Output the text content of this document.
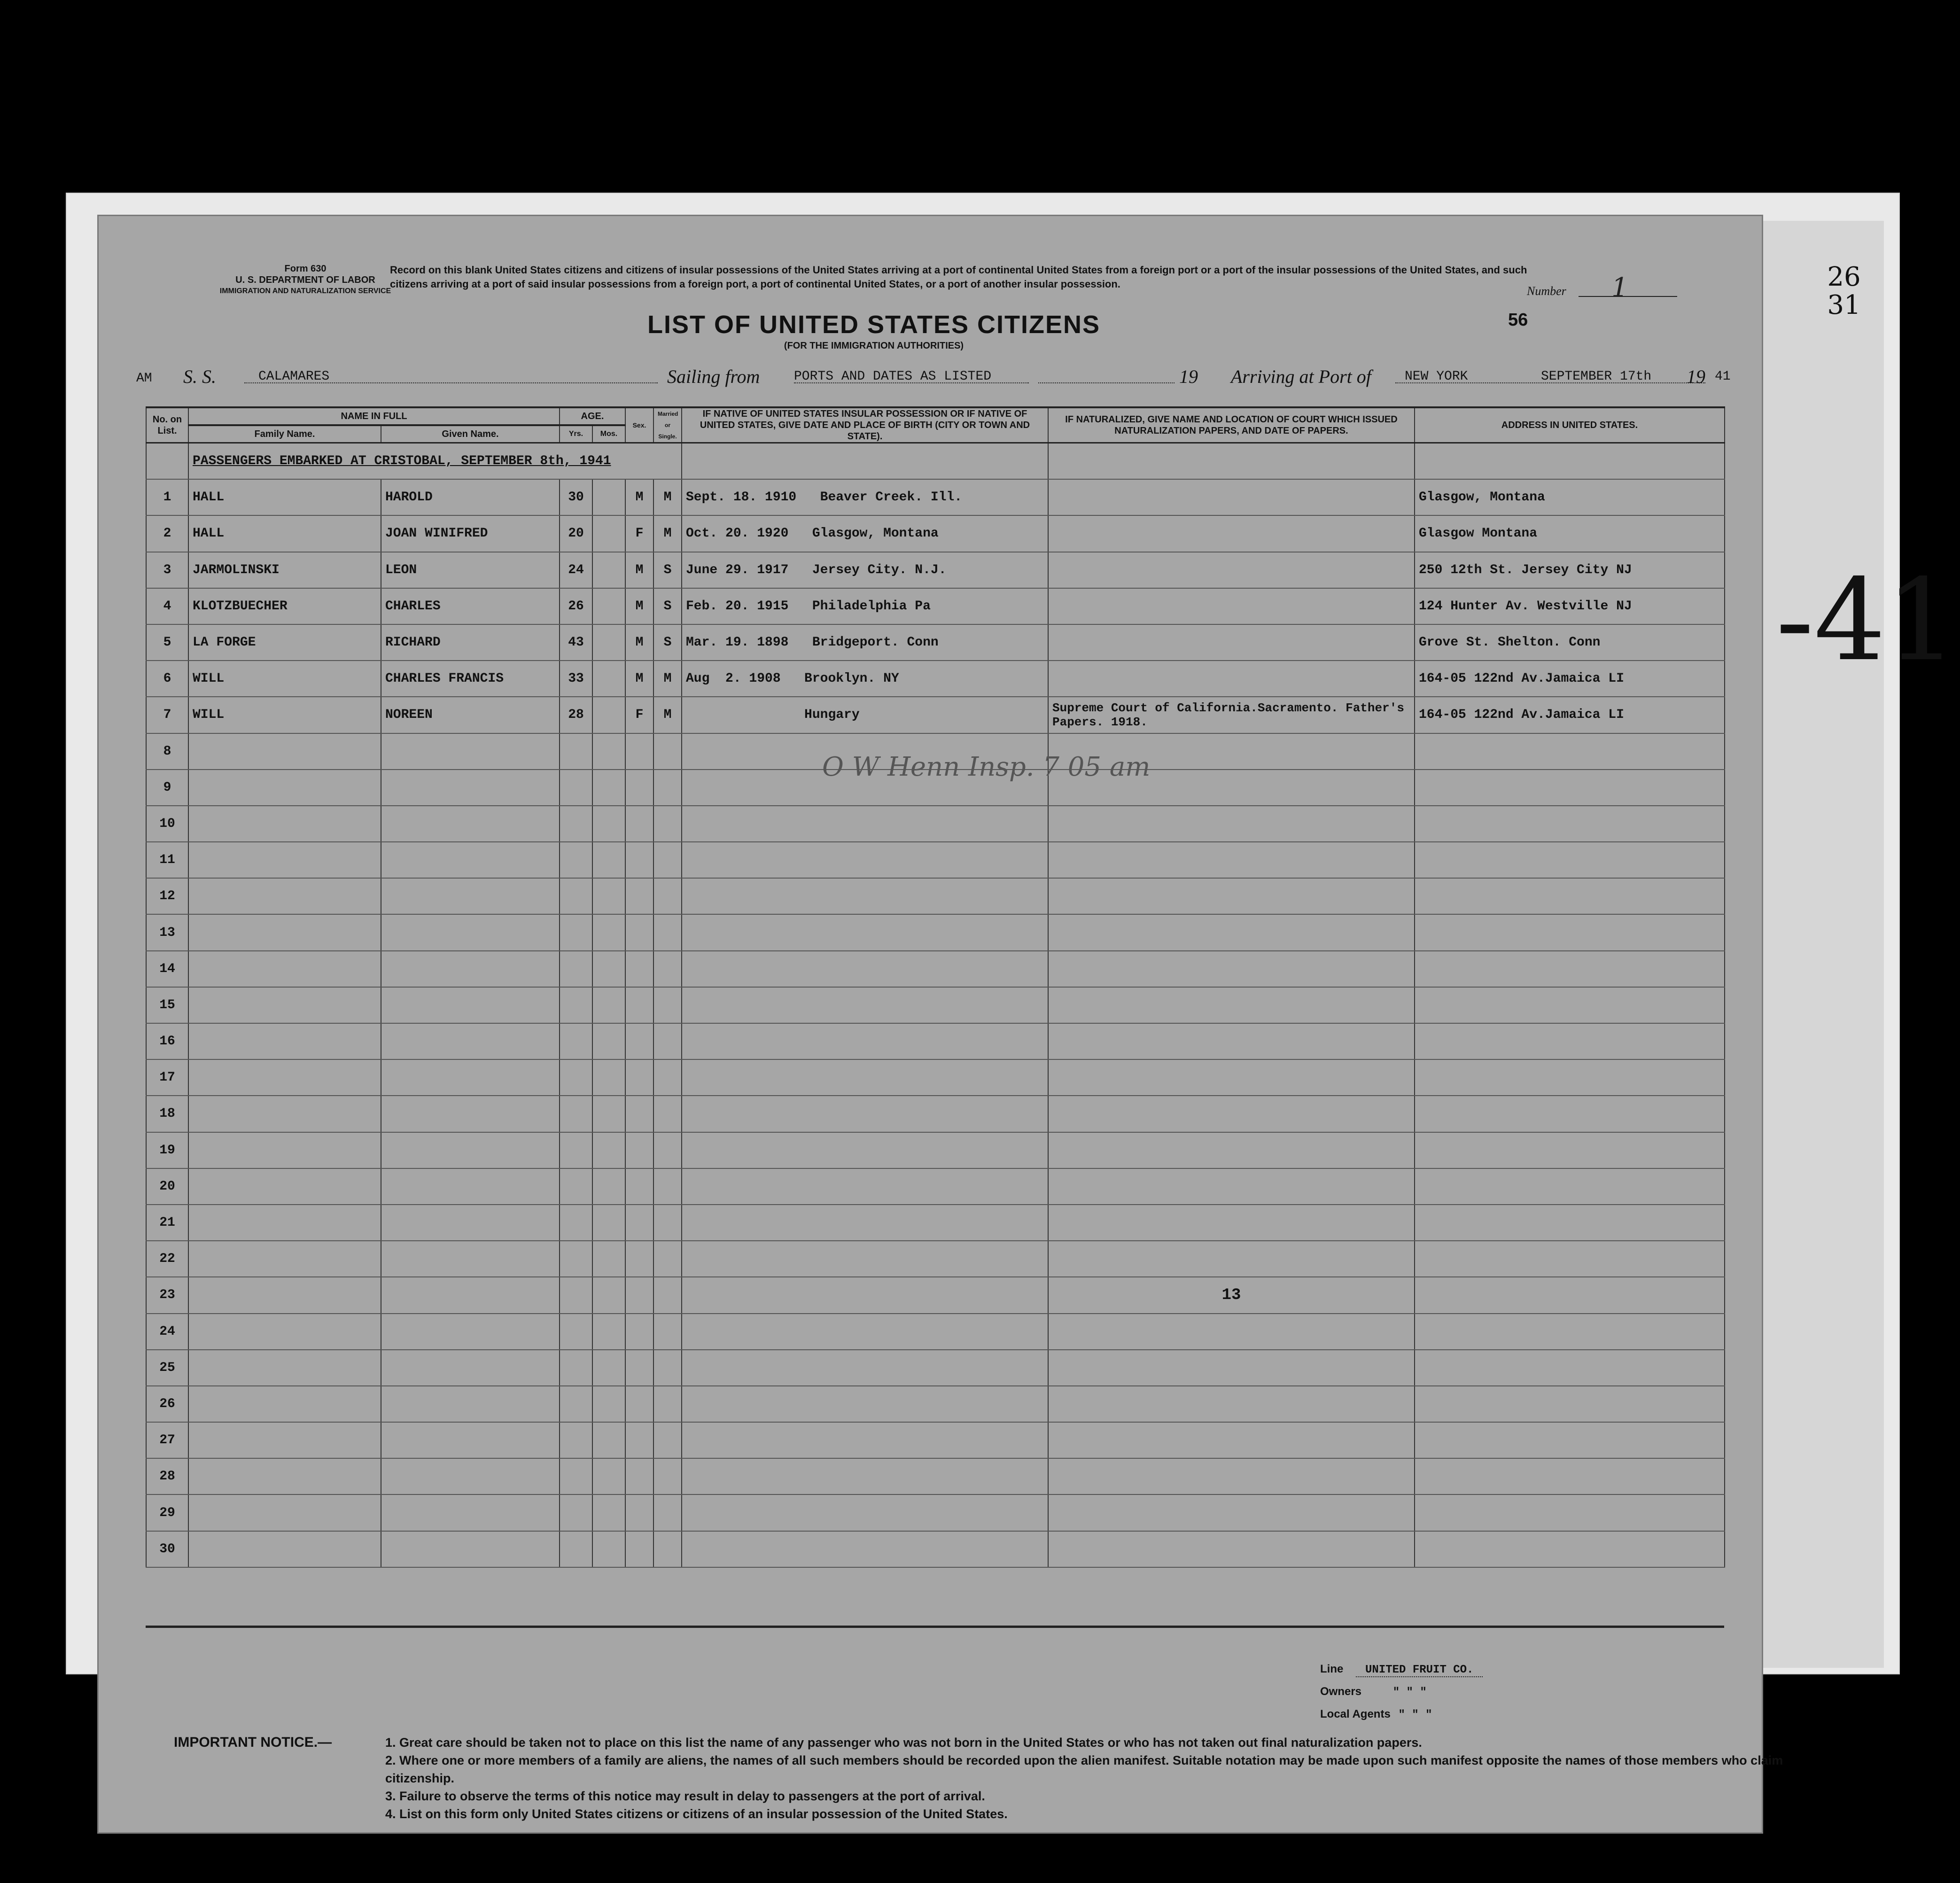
Form 630
U. S. DEPARTMENT OF LABOR
IMMIGRATION AND NATURALIZATION SERVICE
Record on this blank United States citizens and citizens of insular possessions of the United States arriving at a port of continental United States from a foreign port or a port of the insular possessions of the United States, and such citizens arriving at a port of said insular possessions from a foreign port, a port of continental United States, or a port of another insular possession.
Number 1
LIST OF UNITED STATES CITIZENS
(FOR THE IMMIGRATION AUTHORITIES)
56
AM S. S.	CALAMARES	Sailing from	PORTS AND DATES AS LISTED	19 Arriving at Port of	NEW YORK	SEPTEMBER 17th 19 41
No. on List.	NAME IN FULL		AGE.		Sex.	Married or Single.	IF NATIVE OF UNITED STATES INSULAR POSSESSION OR IF NATIVE OF UNITED STATES, GIVE DATE AND PLACE OF BIRTH (CITY OR TOWN AND STATE).	IF NATURALIZED, GIVE NAME AND LOCATION OF COURT WHICH ISSUED NATURALIZATION PAPERS, AND DATE OF PAPERS.	ADDRESS IN UNITED STATES.
	Family Name.	Given Name.	Yrs.	Mos.					
	PASSENGERS EMBARKED AT CRISTOBAL, SEPTEMBER 8th, 1941								
1	HALL	HAROLD	30		M	M	Sept. 18. 1910   Beaver Creek. Ill.		Glasgow, Montana
2	HALL	JOAN WINIFRED	20		F	M	Oct. 20. 1920   Glasgow, Montana		Glasgow Montana
3	JARMOLINSKI	LEON	24		M	S	June 29. 1917   Jersey City. N.J.		250 12th St. Jersey City NJ
4	KLOTZBUECHER	CHARLES	26		M	S	Feb. 20. 1915   Philadelphia Pa		124 Hunter Av. Westville NJ
5	LA FORGE	RICHARD	43		M	S	Mar. 19. 1898   Bridgeport. Conn		Grove St. Shelton. Conn
6	WILL	CHARLES FRANCIS	33		M	M	Aug  2. 1908   Brooklyn. NY		164-05 122nd Av.Jamaica LI
7	WILL	NOREEN	28		F	M	Hungary	Supreme Court of California.Sacramento. Father's Papers. 1918.	164-05 122nd Av.Jamaica LI
8									
9									
10									
11									
12									
13									
14									
15									
16									
17									
18									
19									
20									
21									
22									
23								13	
24									
25									
26									
27									
28									
29									
30									
O W Henn Insp. 7 05 am
Line UNITED FRUIT CO.
Owners	" " "
Local Agents " " "
IMPORTANT NOTICE.—	1. Great care should be taken not to place on this list the name of any passenger who was not born in the United States or who has not taken out final naturalization papers.
2. Where one or more members of a family are aliens, the names of all such members should be recorded upon the alien manifest. Suitable notation may be made upon such manifest opposite the names of those members who claim citizenship.
3. Failure to observe the terms of this notice may result in delay to passengers at the port of arrival.
4. List on this form only United States citizens or citizens of an insular possession of the United States.
-41
26 31
